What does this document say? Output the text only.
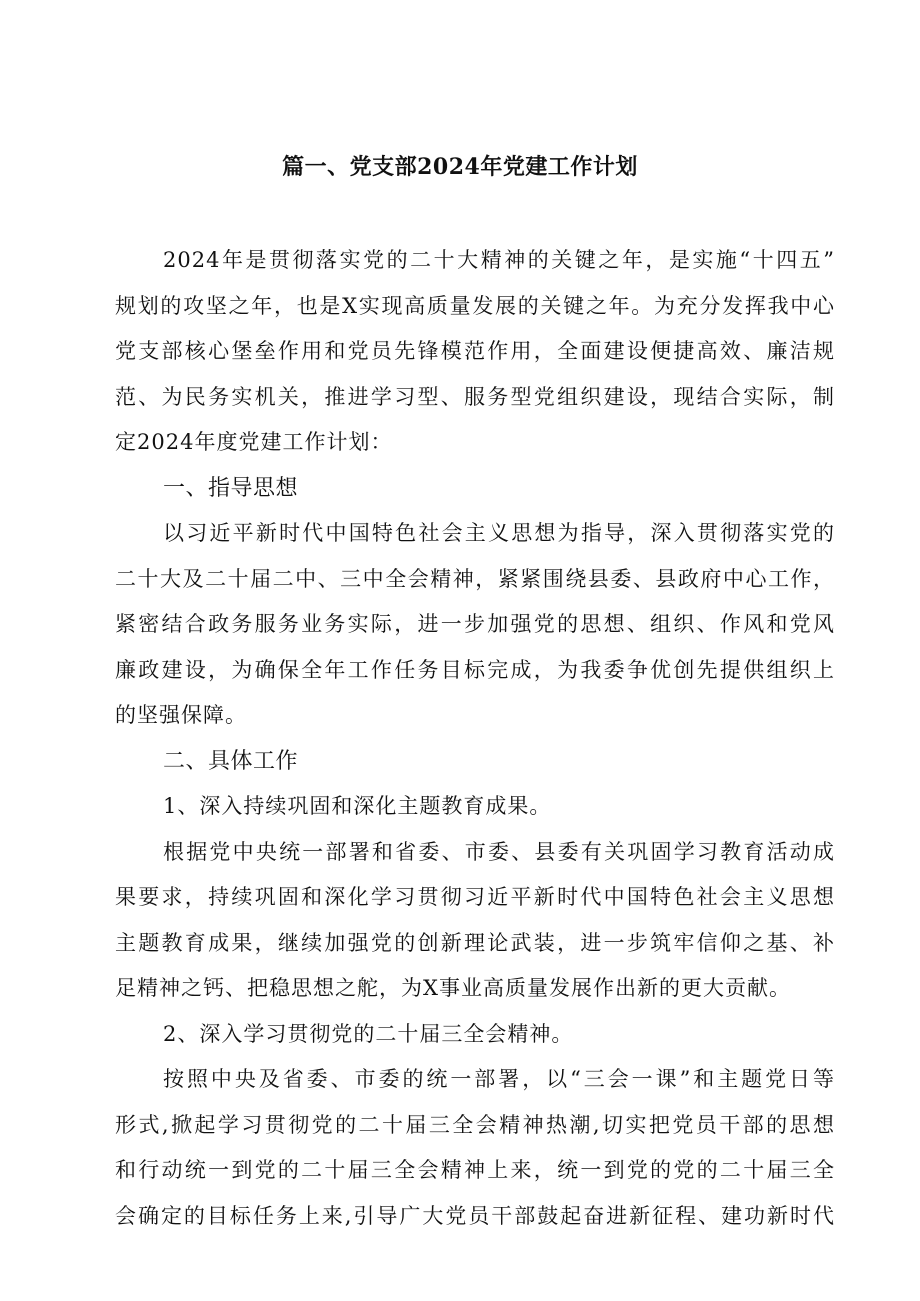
篇一、党支部2024年党建工作计划
2024年是贯彻落实党的二十大精神的关键之年，是实施“十四五”
规划的攻坚之年，也是X实现高质量发展的关键之年。为充分发挥我中心
党支部核心堡垒作用和党员先锋模范作用，全面建设便捷高效、廉洁规
范、为民务实机关，推进学习型、服务型党组织建设，现结合实际，制
定2024年度党建工作计划：
一、指导思想
以习近平新时代中国特色社会主义思想为指导，深入贯彻落实党的
二十大及二十届二中、三中全会精神，紧紧围绕县委、县政府中心工作，
紧密结合政务服务业务实际，进一步加强党的思想、组织、作风和党风
廉政建设，为确保全年工作任务目标完成，为我委争优创先提供组织上
的坚强保障。
二、具体工作
1、深入持续巩固和深化主题教育成果。
根据党中央统一部署和省委、市委、县委有关巩固学习教育活动成
果要求，持续巩固和深化学习贯彻习近平新时代中国特色社会主义思想
主题教育成果，继续加强党的创新理论武装，进一步筑牢信仰之基、补
足精神之钙、把稳思想之舵，为X事业高质量发展作出新的更大贡献。
2、深入学习贯彻党的二十届三全会精神。
按照中央及省委、市委的统一部署，以“三会一课”和主题党日等
形式,掀起学习贯彻党的二十届三全会精神热潮,切实把党员干部的思想
和行动统一到党的二十届三全会精神上来，统一到党的党的二十届三全
会确定的目标任务上来,引导广大党员干部鼓起奋进新征程、建功新时代
